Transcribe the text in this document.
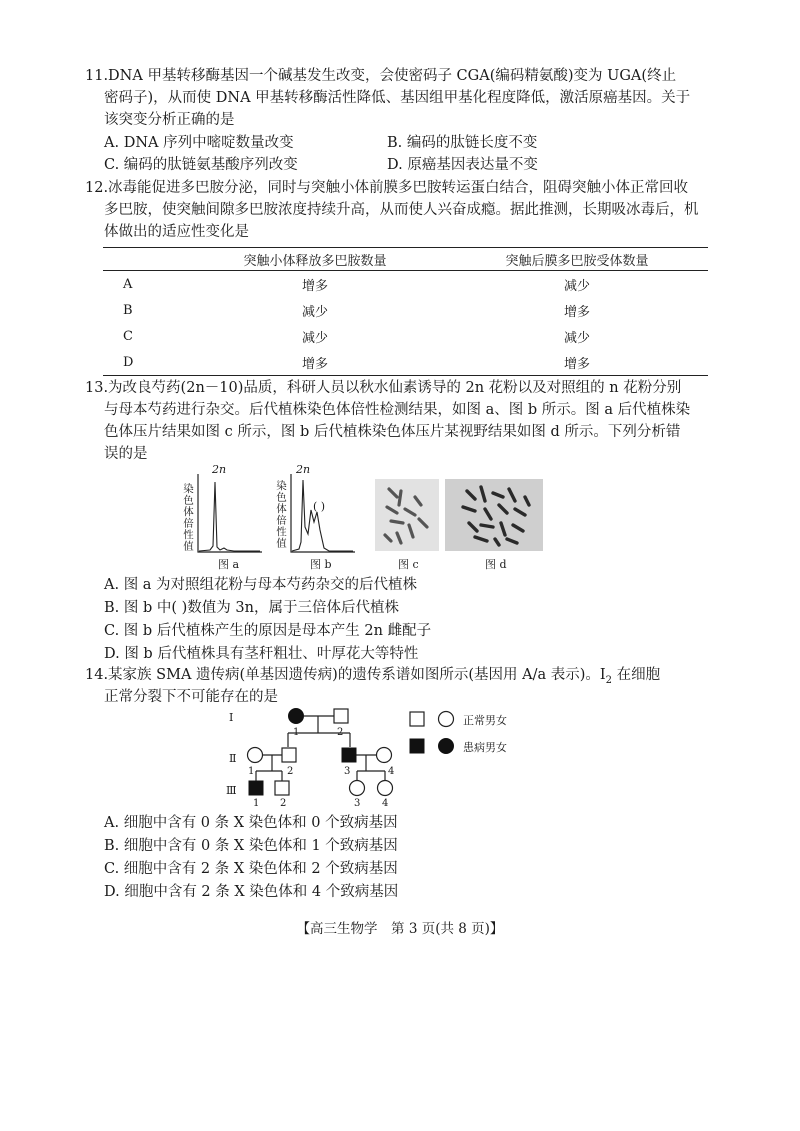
11.DNA 甲基转移酶基因一个碱基发生改变，会使密码子 CGA(编码精氨酸)变为 UGA(终止
密码子)，从而使 DNA 甲基转移酶活性降低、基因组甲基化程度降低，激活原癌基因。关于
该突变分析正确的是
A. DNA 序列中嘧啶数量改变	B. 编码的肽链长度不变
C. 编码的肽链氨基酸序列改变	D. 原癌基因表达量不变
12.冰毒能促进多巴胺分泌，同时与突触小体前膜多巴胺转运蛋白结合，阻碍突触小体正常回收
多巴胺，使突触间隙多巴胺浓度持续升高，从而使人兴奋成瘾。据此推测，长期吸冰毒后，机
体做出的适应性变化是
	突触小体释放多巴胺数量	突触后膜多巴胺受体数量
A	增多	减少
B	减少	增多
C	减少	减少
D	增多	增多
13.为改良芍药(2n－10)品质，科研人员以秋水仙素诱导的 2n 花粉以及对照组的 n 花粉分别
与母本芍药进行杂交。后代植株染色体倍性检测结果，如图 a、图 b 所示。图 a 后代植株染
色体压片结果如图 c 所示，图 b 后代植株染色体压片某视野结果如图 d 所示。下列分析错
误的是
染色体倍性值
2n
图 a
染色体倍性值
2n
( )
图 b	图 c	图 d
A. 图 a 为对照组花粉与母本芍药杂交的后代植株
B. 图 b 中( )数值为 3n，属于三倍体后代植株
C. 图 b 后代植株产生的原因是母本产生 2n 雌配子
D. 图 b 后代植株具有茎秆粗壮、叶厚花大等特性
14.某家族 SMA 遗传病(单基因遗传病)的遗传系谱如图所示(基因用 A/a 表示)。$Ⅰ_2$ 在细胞
正常分裂下不可能存在的是
Ⅰ
Ⅱ
Ⅲ
1	2
1	2	3	4
1 2	3 4
正常男女
患病男女
A. 细胞中含有 0 条 X 染色体和 0 个致病基因
B. 细胞中含有 0 条 X 染色体和 1 个致病基因
C. 细胞中含有 2 条 X 染色体和 2 个致病基因
D. 细胞中含有 2 条 X 染色体和 4 个致病基因
【高三生物学　第 3 页(共 8 页)】
